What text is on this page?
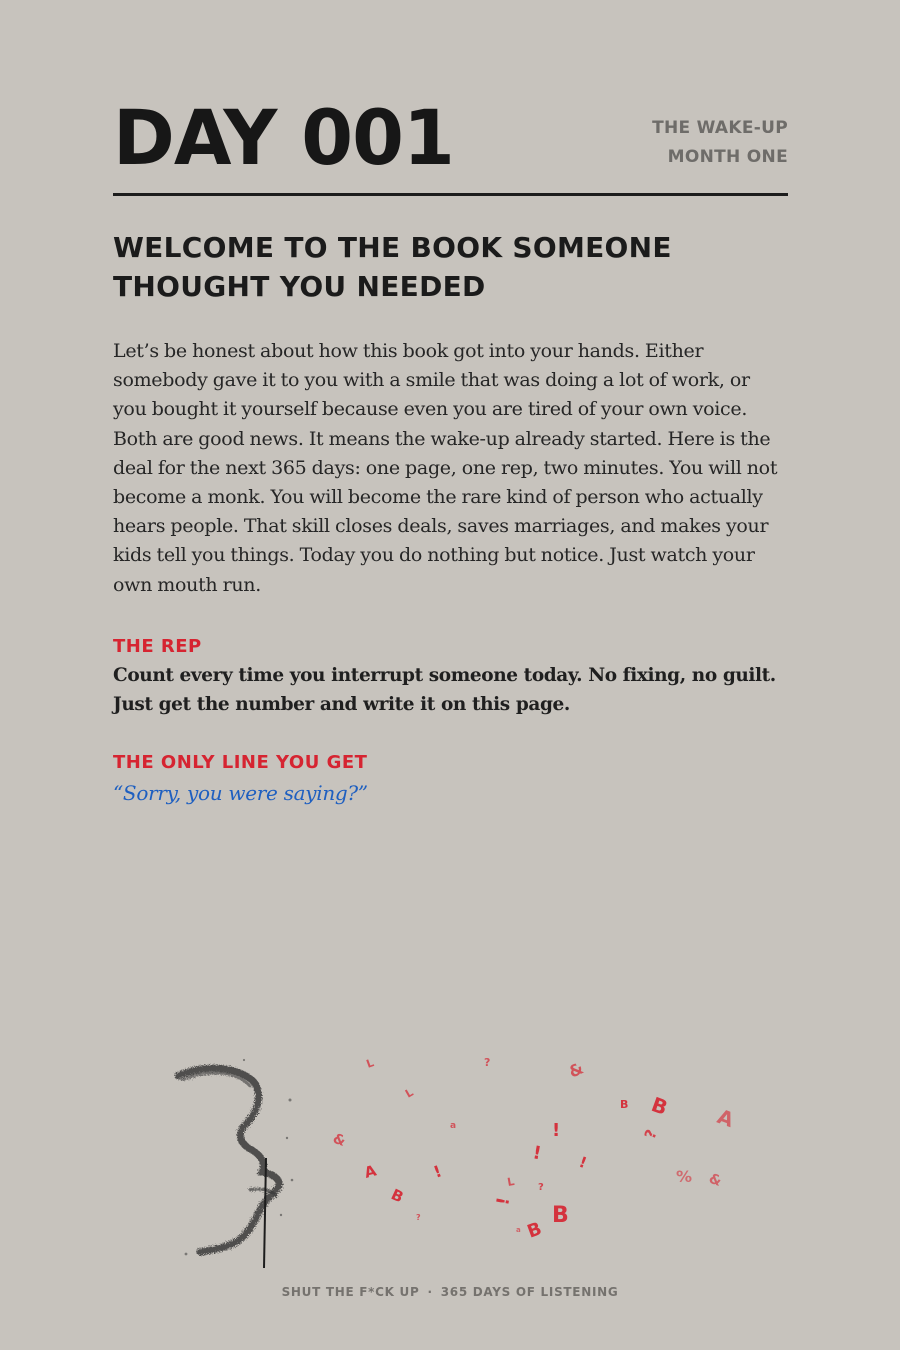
DAY 001	THE WAKE-UP
MONTH ONE
WELCOME TO THE BOOK SOMEONE
THOUGHT YOU NEEDED

Let’s be honest about how this book got into your hands. Either somebody gave it to you with a smile that was doing a lot of work, or you bought it yourself because even you are tired of your own voice. Both are good news. It means the wake-up already started. Here is the deal for the next 365 days: one page, one rep, two minutes. You will not become a monk. You will become the rare kind of person who actually hears people. That skill closes deals, saves marriages, and makes your kids tell you things. Today you do nothing but notice. Just watch your own mouth run.

THE REP

Count every time you interrupt someone today. No fixing, no guilt. Just get the number and write it on this page.

THE ONLY LINE YOU GET
“Sorry, you were saying?”
L	?	&
L
B B A
&
a	!	?
!
A	!	!
B
L ?
% &
!
?
B
B
a
SHUT THE F*CK UP · 365 DAYS OF LISTENING
